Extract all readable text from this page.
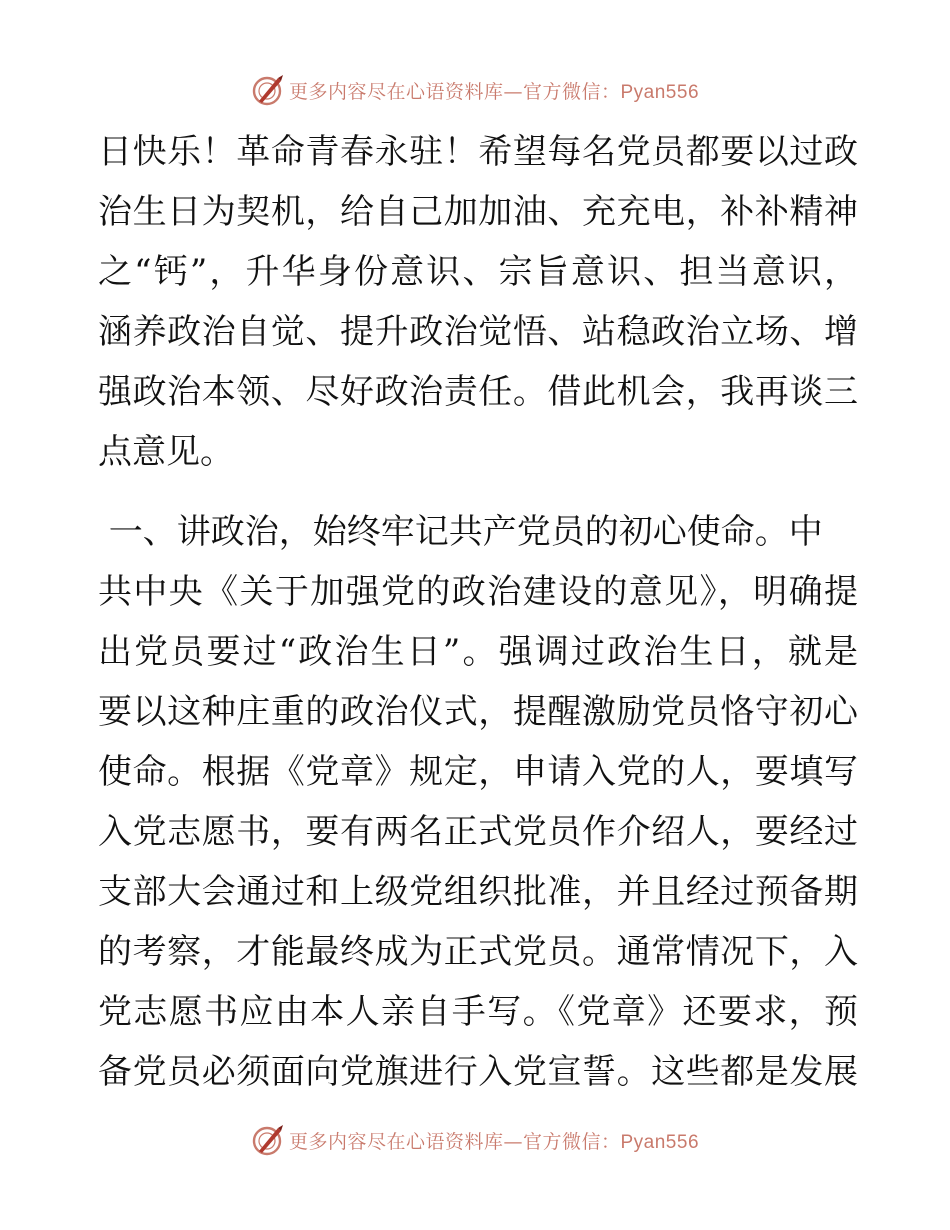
更多内容尽在心语资料库—官方微信：Pyan556
日快乐！革命青春永驻！希望每名党员都要以过政
治生日为契机，给自己加加油、充充电，补补精神
之“钙”，升华身份意识、宗旨意识、担当意识，
涵养政治自觉、提升政治觉悟、站稳政治立场、增
强政治本领、尽好政治责任。借此机会，我再谈三
点意见。
一、讲政治，始终牢记共产党员的初心使命。中
共中央《关于加强党的政治建设的意见》，明确提
出党员要过“政治生日”。强调过政治生日，就是
要以这种庄重的政治仪式，提醒激励党员恪守初心
使命。根据《党章》规定，申请入党的人，要填写
入党志愿书，要有两名正式党员作介绍人，要经过
支部大会通过和上级党组织批准，并且经过预备期
的考察，才能最终成为正式党员。通常情况下，入
党志愿书应由本人亲自手写。《党章》还要求，预
备党员必须面向党旗进行入党宣誓。这些都是发展
更多内容尽在心语资料库—官方微信：Pyan556
